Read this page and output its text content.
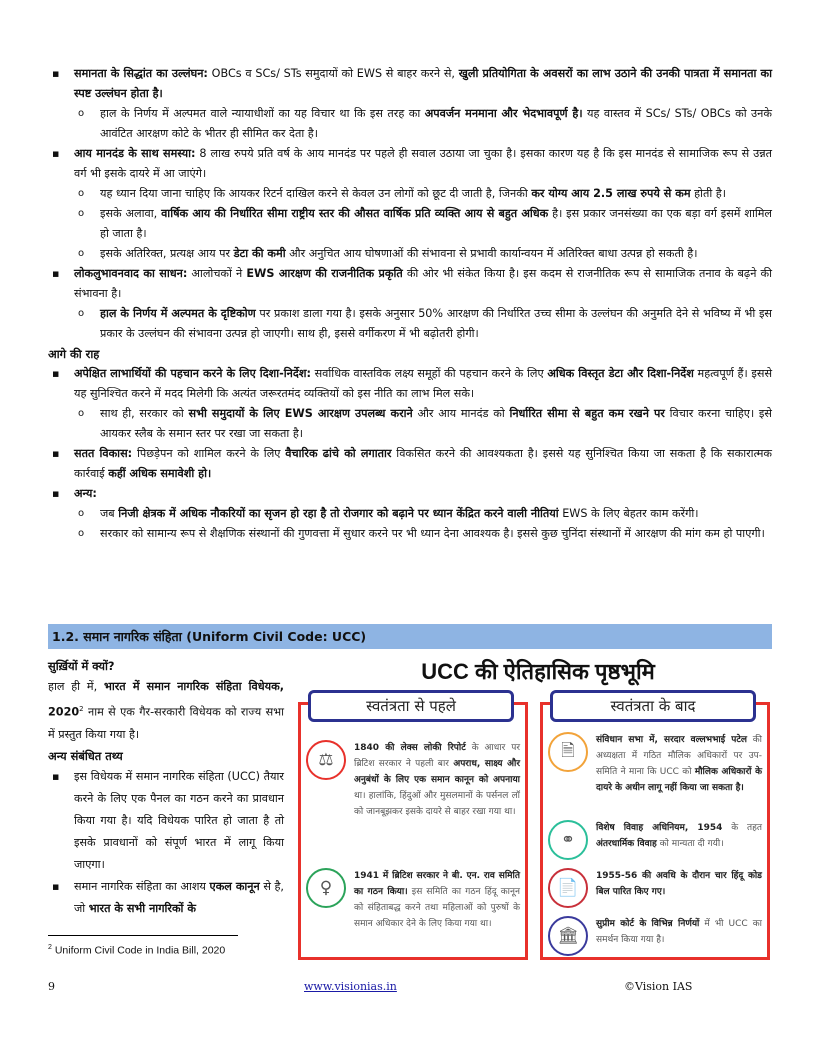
▪ समानता के सिद्धांत का उल्लंघन: OBCs व SCs/ STs समुदायों को EWS से बाहर करने से, खुली प्रतियोगिता के अवसरों का लाभ उठाने की उनकी पात्रता में समानता का स्पष्ट उल्लंघन होता है।
o हाल के निर्णय में अल्पमत वाले न्यायाधीशों का यह विचार था कि इस तरह का अपवर्जन मनमाना और भेदभावपूर्ण है। यह वास्तव में SCs/ STs/ OBCs को उनके आवंटित आरक्षण कोटे के भीतर ही सीमित कर देता है।
▪ आय मानदंड के साथ समस्या: 8 लाख रुपये प्रति वर्ष के आय मानदंड पर पहले ही सवाल उठाया जा चुका है। इसका कारण यह है कि इस मानदंड से सामाजिक रूप से उन्नत वर्ग भी इसके दायरे में आ जाएंगे।
o यह ध्यान दिया जाना चाहिए कि आयकर रिटर्न दाखिल करने से केवल उन लोगों को छूट दी जाती है, जिनकी कर योग्य आय 2.5 लाख रुपये से कम होती है।
o इसके अलावा, वार्षिक आय की निर्धारित सीमा राष्ट्रीय स्तर की औसत वार्षिक प्रति व्यक्ति आय से बहुत अधिक है। इस प्रकार जनसंख्या का एक बड़ा वर्ग इसमें शामिल हो जाता है।
o इसके अतिरिक्त, प्रत्यक्ष आय पर डेटा की कमी और अनुचित आय घोषणाओं की संभावना से प्रभावी कार्यान्वयन में अतिरिक्त बाधा उत्पन्न हो सकती है।
▪ लोकलुभावनवाद का साधन: आलोचकों ने EWS आरक्षण की राजनीतिक प्रकृति की ओर भी संकेत किया है। इस कदम से राजनीतिक रूप से सामाजिक तनाव के बढ़ने की संभावना है।
o हाल के निर्णय में अल्पमत के दृष्टिकोण पर प्रकाश डाला गया है। इसके अनुसार 50% आरक्षण की निर्धारित उच्च सीमा के उल्लंघन की अनुमति देने से भविष्य में भी इस प्रकार के उल्लंघन की संभावना उत्पन्न हो जाएगी। साथ ही, इससे वर्गीकरण में भी बढ़ोतरी होगी।
आगे की राह
▪ अपेक्षित लाभार्थियों की पहचान करने के लिए दिशा-निर्देश: सर्वाधिक वास्तविक लक्ष्य समूहों की पहचान करने के लिए अधिक विस्तृत डेटा और दिशा-निर्देश महत्वपूर्ण हैं। इससे यह सुनिश्चित करने में मदद मिलेगी कि अत्यंत जरूरतमंद व्यक्तियों को इस नीति का लाभ मिल सके।
o साथ ही, सरकार को सभी समुदायों के लिए EWS आरक्षण उपलब्ध कराने और आय मानदंड को निर्धारित सीमा से बहुत कम रखने पर विचार करना चाहिए। इसे आयकर स्लैब के समान स्तर पर रखा जा सकता है।
▪ सतत विकास: पिछड़ेपन को शामिल करने के लिए वैचारिक ढांचे को लगातार विकसित करने की आवश्यकता है। इससे यह सुनिश्चित किया जा सकता है कि सकारात्मक कार्रवाई कहीं अधिक समावेशी हो।
▪ अन्य:
o जब निजी क्षेत्रक में अधिक नौकरियों का सृजन हो रहा है तो रोजगार को बढ़ाने पर ध्यान केंद्रित करने वाली नीतियां EWS के लिए बेहतर काम करेंगी।
o सरकार को सामान्य रूप से शैक्षणिक संस्थानों की गुणवत्ता में सुधार करने पर भी ध्यान देना आवश्यक है। इससे कुछ चुनिंदा संस्थानों में आरक्षण की मांग कम हो पाएगी।
1.2. समान नागरिक संहिता (Uniform Civil Code: UCC)
सुर्ख़ियों में क्यों?
हाल ही में, भारत में समान नागरिक संहिता विधेयक, 2020$^2$ नाम से एक गैर-सरकारी विधेयक को राज्य सभा में प्रस्तुत किया गया है।
अन्य संबंधित तथ्य
▪ इस विधेयक में समान नागरिक संहिता (UCC) तैयार करने के लिए एक पैनल का गठन करने का प्रावधान किया गया है। यदि विधेयक पारित हो जाता है तो इसके प्रावधानों को संपूर्ण भारत में लागू किया जाएगा।
▪ समान नागरिक संहिता का आशय एकल कानून से है, जो भारत के सभी नागरिकों के
UCC की ऐतिहासिक पृष्ठभूमि
स्वतंत्रता से पहले
⚖
1840 की लेक्स लोकी रिपोर्ट के आधार पर ब्रिटिश सरकार ने पहली बार अपराध, साक्ष्य और अनुबंधों के लिए एक समान कानून को अपनाया था। हालांकि, हिंदुओं और मुसलमानों के पर्सनल लॉ को जानबूझकर इसके दायरे से बाहर रखा गया था।
♀
1941 में ब्रिटिश सरकार ने बी. एन. राव समिति का गठन किया। इस समिति का गठन हिंदू कानून को संहिताबद्ध करने तथा महिलाओं को पुरुषों के समान अधिकार देने के लिए किया गया था।
स्वतंत्रता के बाद
🗎
संविधान सभा में, सरदार वल्लभभाई पटेल की अध्यक्षता में गठित मौलिक अधिकारों पर उप-समिति ने माना कि UCC को मौलिक अधिकारों के दायरे के अधीन लागू नहीं किया जा सकता है।
⚭
विशेष विवाह अधिनियम, 1954 के तहत अंतरधार्मिक विवाह को मान्यता दी गयी।
📄
1955-56 की अवधि के दौरान चार हिंदू कोड बिल पारित किए गए।
🏛
सुप्रीम कोर्ट के विभिन्न निर्णयों में भी UCC का समर्थन किया गया है।
$^2$ Uniform Civil Code in India Bill, 2020
9	www.visionias.in	©Vision IAS
